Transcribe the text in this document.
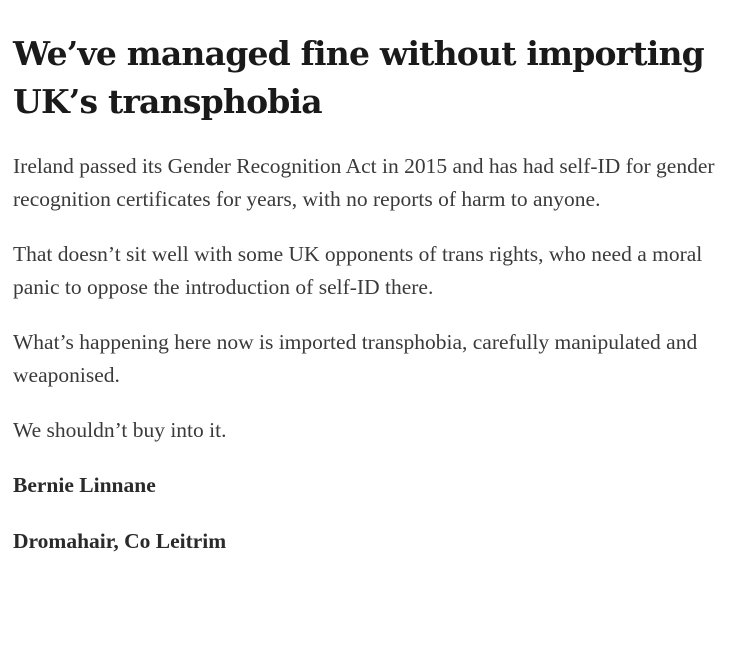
We’ve managed fine without importing UK’s transphobia

Ireland passed its Gender Recognition Act in 2015 and has had self-ID for gender recognition certificates for years, with no reports of harm to anyone.

That doesn’t sit well with some UK opponents of trans rights, who need a moral panic to oppose the introduction of self-ID there.

What’s happening here now is imported transphobia, carefully manipulated and weaponised.

We shouldn’t buy into it.

Bernie Linnane

Dromahair, Co Leitrim
